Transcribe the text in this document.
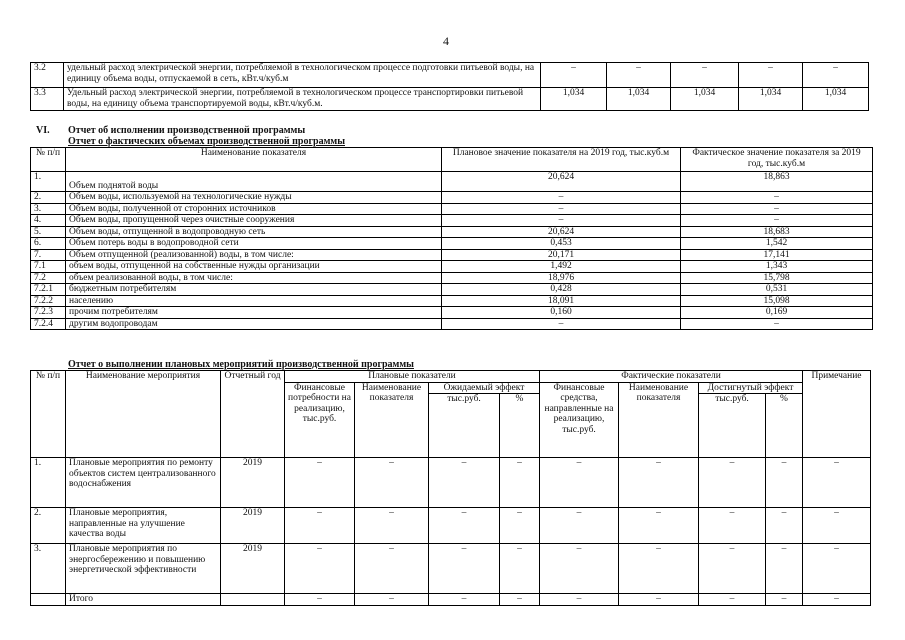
4
3.2	удельный расход электрической энергии, потребляемой в технологическом процессе подготовки питьевой воды, на единицу объема воды, отпускаемой в сеть, кВт.ч/куб.м	–	–	–	–	–
3.3	Удельный расход электрической энергии, потребляемой в технологическом процессе транспортировки питьевой воды, на единицу объема транспортируемой воды, кВт.ч/куб.м.	1,034	1,034	1,034	1,034	1,034
VI. Отчет об исполнении производственной программы
Отчет о фактических объемах производственной программы
№ п/п	Наименование показателя	Плановое значение показателя на 2019 год, тыс.куб.м	Фактическое значение показателя за 2019 год, тыс.куб.м
1.	Объем поднятой воды	20,624	18,863
2.	Объем воды, используемой на технологические нужды	–	–
3.	Объем воды, полученной от сторонних источников	–	–
4.	Объем воды, пропущенной через очистные сооружения	–	–
5.	Объем воды, отпущенной в водопроводную сеть	20,624	18,683
6.	Объем потерь воды в водопроводной сети	0,453	1,542
7.	Объем отпущенной (реализованной) воды, в том числе:	20,171	17,141
7.1	объем воды, отпущенной на собственные нужды организации	1,492	1,343
7.2	объем реализованной воды, в том числе:	18,976	15,798
7.2.1	бюджетным потребителям	0,428	0,531
7.2.2	населению	18,091	15,098
7.2.3	прочим потребителям	0,160	0,169
7.2.4	другим водопроводам	–	–
Отчет о выполнении плановых мероприятий производственной программы
№ п/п	Наименование мероприятия	Отчетный год	Плановые показатели				Фактические показатели				Примечание	
			Финансовые потребности на реализацию, тыс.руб.	Наименование показателя	Ожидаемый эффект		Финансовые средства, направленные на реализацию, тыс.руб.	Наименование показателя	Достигнутый эффект			
					тыс.руб.	%			тыс.руб.	%		
1.	Плановые мероприятия по ремонту объектов систем централизованного водоснабжения	2019	–	–	–	–	–	–	–	–	–	
2.	Плановые мероприятия, направленные на улучшение качества воды	2019	–	–	–	–	–	–	–	–	–	
3.	Плановые мероприятия по энергосбережению и повышению энергетической эффективности	2019	–	–	–	–	–	–	–	–	–	
	Итого		–	–	–	–	–	–	–	–	–	
